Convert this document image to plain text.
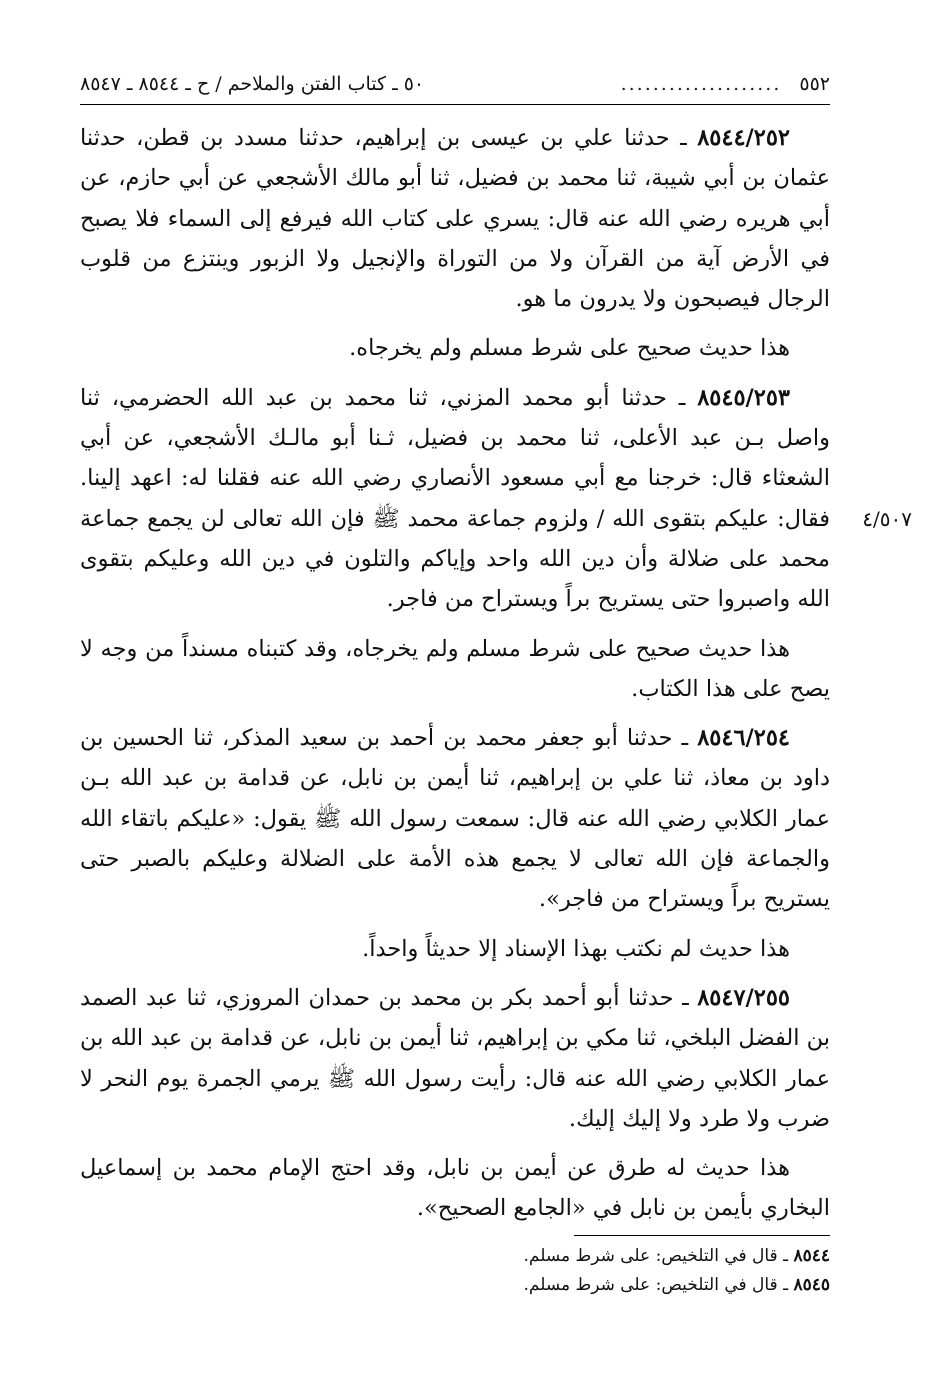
٥٥٢
....................
٥٠ ـ كتاب الفتن والملاحم / ح ـ ٨٥٤٤ ـ ٨٥٤٧
٤/٥٠٧

٨٥٤٤/٢٥٢ ـ حدثنا علي بن عيسى بن إبراهيم، حدثنا مسدد بن قطن، حدثنا عثمان بن أبي شيبة، ثنا محمد بن فضيل، ثنا أبو مالك الأشجعي عن أبي حازم، عن أبي هريره رضي الله عنه قال: يسري على كتاب الله فيرفع إلى السماء فلا يصبح في الأرض آية من القرآن ولا من التوراة والإنجيل ولا الزبور وينتزع من قلوب الرجال فيصبحون ولا يدرون ما هو.

هذا حديث صحيح على شرط مسلم ولم يخرجاه.

٨٥٤٥/٢٥٣ ـ حدثنا أبو محمد المزني، ثنا محمد بن عبد الله الحضرمي، ثنا واصل بـن عبد الأعلى، ثنا محمد بن فضيل، ثـنا أبو مالـك الأشجعي، عن أبي الشعثاء قال: خرجنا مع أبي مسعود الأنصاري رضي الله عنه فقلنا له: اعهد إلينا. فقال: عليكم بتقوى الله / ولزوم جماعة محمد ﷺ فإن الله تعالى لن يجمع جماعة محمد على ضلالة وأن دين الله واحد وإياكم والتلون في دين الله وعليكم بتقوى الله واصبروا حتى يستريح براً ويستراح من فاجر.

هذا حديث صحيح على شرط مسلم ولم يخرجاه، وقد كتبناه مسنداً من وجه لا يصح على هذا الكتاب.

٨٥٤٦/٢٥٤ ـ حدثنا أبو جعفر محمد بن أحمد بن سعيد المذكر، ثنا الحسين بن داود بن معاذ، ثنا علي بن إبراهيم، ثنا أيمن بن نابل، عن قدامة بن عبد الله بـن عمار الكلابي رضي الله عنه قال: سمعت رسول الله ﷺ يقول: «عليكم باتقاء الله والجماعة فإن الله تعالى لا يجمع هذه الأمة على الضلالة وعليكم بالصبر حتى يستريح براً ويستراح من فاجر».

هذا حديث لم نكتب بهذا الإسناد إلا حديثاً واحداً.

٨٥٤٧/٢٥٥ ـ حدثنا أبو أحمد بكر بن محمد بن حمدان المروزي، ثنا عبد الصمد بن الفضل البلخي، ثنا مكي بن إبراهيم، ثنا أيمن بن نابل، عن قدامة بن عبد الله بن عمار الكلابي رضي الله عنه قال: رأيت رسول الله ﷺ يرمي الجمرة يوم النحر لا ضرب ولا طرد ولا إليك إليك.

هذا حديث له طرق عن أيمن بن نابل، وقد احتج الإمام محمد بن إسماعيل البخاري بأيمن بن نابل في «الجامع الصحيح».

٨٥٤٤ ـ قال في التلخيص: على شرط مسلم.
٨٥٤٥ ـ قال في التلخيص: على شرط مسلم.
